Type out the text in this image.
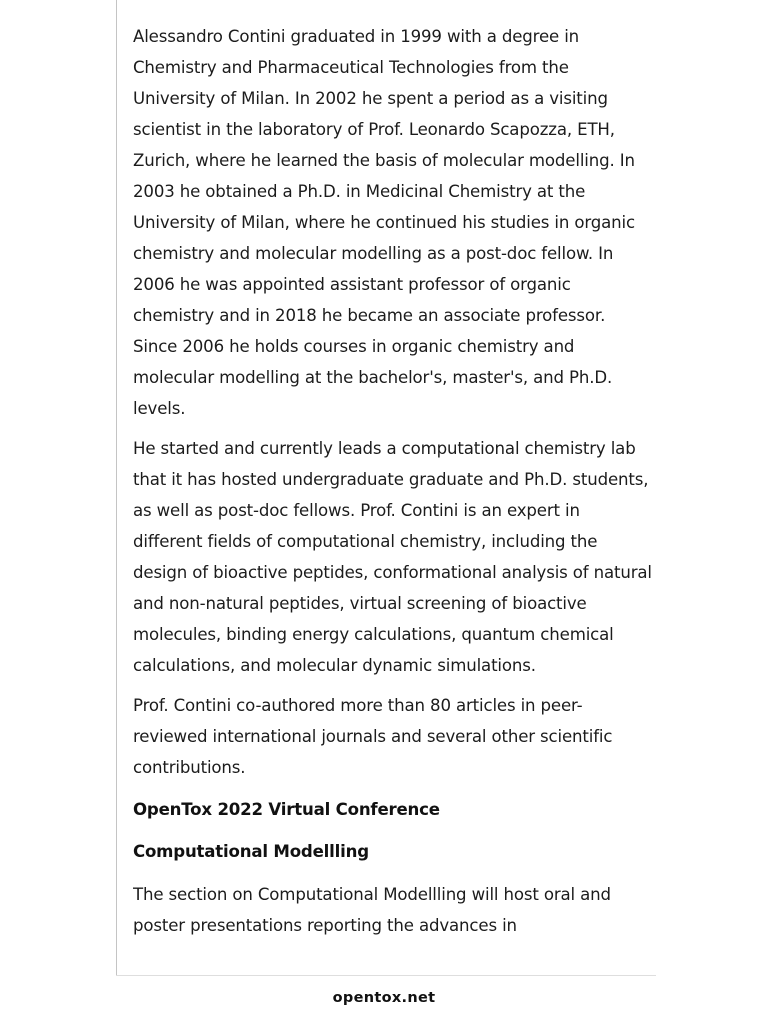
Alessandro Contini graduated in 1999 with a degree in Chemistry and Pharmaceutical Technologies from the University of Milan. In 2002 he spent a period as a visiting scientist in the laboratory of Prof. Leonardo Scapozza, ETH, Zurich, where he learned the basis of molecular modelling. In 2003 he obtained a Ph.D. in Medicinal Chemistry at the University of Milan, where he continued his studies in organic chemistry and molecular modelling as a post-doc fellow. In 2006 he was appointed assistant professor of organic chemistry and in 2018 he became an associate professor. Since 2006 he holds courses in organic chemistry and molecular modelling at the bachelor's, master's, and Ph.D. levels.

He started and currently leads a computational chemistry lab that it has hosted undergraduate graduate and Ph.D. students, as well as post-doc fellows. Prof. Contini is an expert in different fields of computational chemistry, including the design of bioactive peptides, conformational analysis of natural and non-natural peptides, virtual screening of bioactive molecules, binding energy calculations, quantum chemical calculations, and molecular dynamic simulations.

Prof. Contini co-authored more than 80 articles in peer-reviewed international journals and several other scientific contributions.

OpenTox 2022 Virtual Conference
Computational Modellling

The section on Computational Modellling will host oral and poster presentations reporting the advances in

opentox.net
